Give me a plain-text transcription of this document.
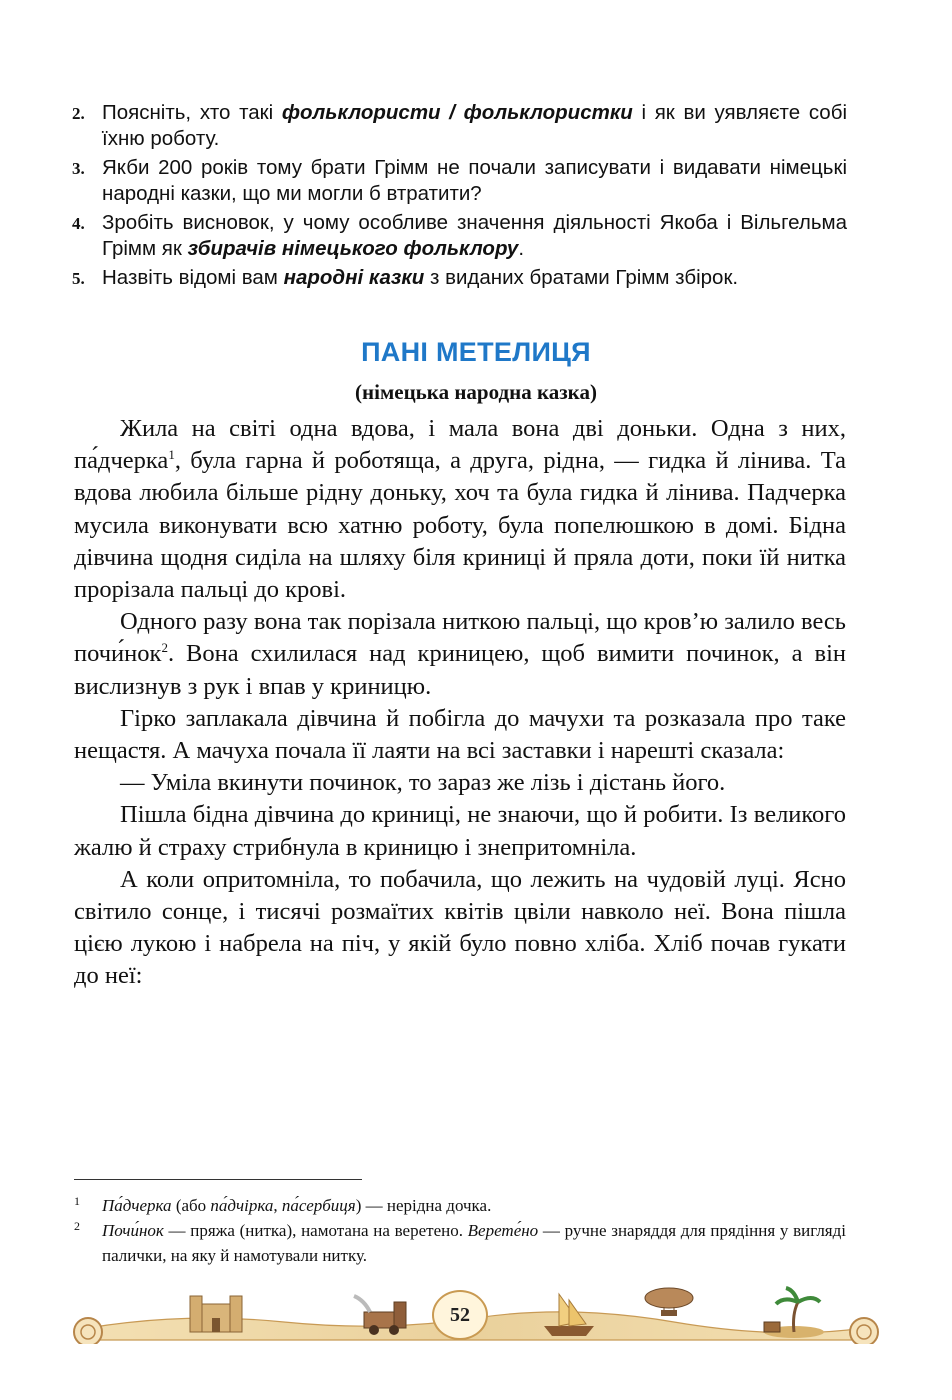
2. Поясніть, хто такі фольклористи / фольклористки і як ви уявляєте собі їхню роботу.
3. Якби 200 років тому брати Грімм не почали записувати і видавати німецькі народні казки, що ми могли б втратити?
4. Зробіть висновок, у чому особливе значення діяльності Якоба і Вільгельма Грімм як збирачів німецького фольклору.
5. Назвіть відомі вам народні казки з виданих братами Грімм збірок.
ПАНІ МЕТЕЛИЦЯ
(німецька народна казка)

Жила на світі одна вдова, і мала вона дві доньки. Одна з них, па́дчерка$^1$, була гарна й роботяща, а друга, рідна, — гидка й лінива. Та вдова любила більше рідну доньку, хоч та була гидка й лінива. Падчерка мусила виконувати всю хатню роботу, була попелюшкою в домі. Бідна дівчина щодня сиділа на шляху біля криниці й пряла доти, поки їй нитка прорізала пальці до крові.

Одного разу вона так порізала ниткою пальці, що кров’ю залило весь почи́нок$^2$. Вона схилилася над криницею, щоб вимити починок, а він вислизнув з рук і впав у криницю.

Гірко заплакала дівчина й побігла до мачухи та розказала про таке нещастя. А мачуха почала її лаяти на всі заставки і нарешті сказала:

— Уміла вкинути починок, то зараз же лізь і дістань його.

Пішла бідна дівчина до криниці, не знаючи, що й робити. Із великого жалю й страху стрибнула в криницю і знепритомніла.

А коли опритомніла, то побачила, що лежить на чудовій луці. Ясно світило сонце, і тисячі розмаїтих квітів цвіли навколо неї. Вона пішла цією лукою і набрела на піч, у якій було повно хліба. Хліб почав гукати до неї:

1	Па́дчерка (або па́дчірка, па́сербиця) — нерідна дочка.
2	Почи́нок — пряжа (нитка), намотана на веретено. Верете́но — ручне знаряддя для прядіння у вигляді палички, на яку й намотували нитку.
52
